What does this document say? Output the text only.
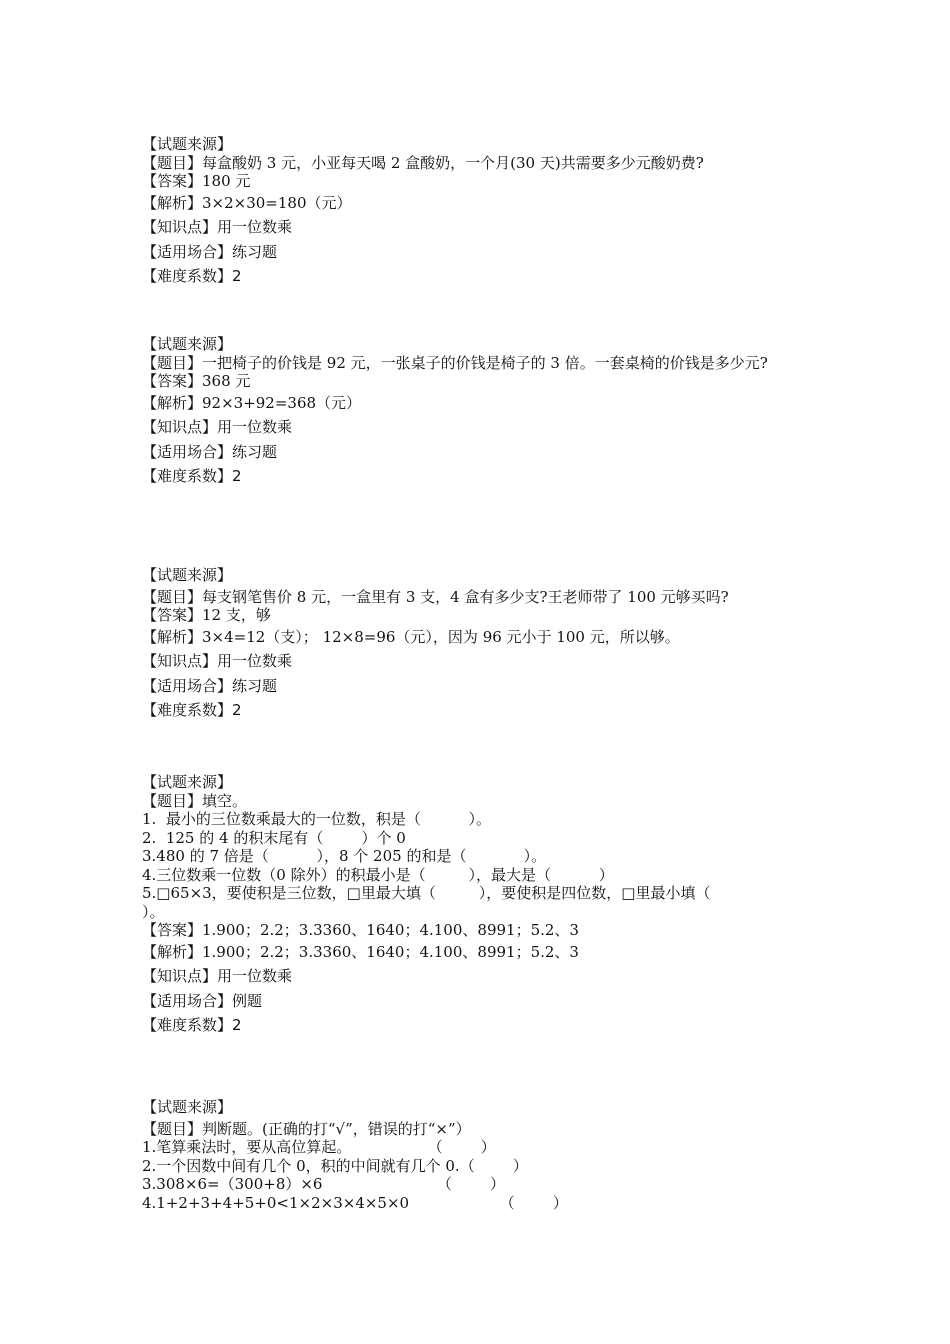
【试题来源】
【题目】每盒酸奶 3 元，小亚每天喝 2 盒酸奶，一个月(30 天)共需要多少元酸奶费?
【答案】180 元
【解析】3×2×30=180（元）
【知识点】用一位数乘
【适用场合】练习题
【难度系数】2
【试题来源】
【题目】一把椅子的价钱是 92 元，一张桌子的价钱是椅子的 3 倍。一套桌椅的价钱是多少元?
【答案】368 元
【解析】92×3+92=368（元）
【知识点】用一位数乘
【适用场合】练习题
【难度系数】2
【试题来源】
【题目】每支钢笔售价 8 元，一盒里有 3 支，4 盒有多少支?王老师带了 100 元够买吗?
【答案】12 支，够
【解析】3×4=12（支）； 12×8=96（元），因为 96 元小于 100 元，所以够。
【知识点】用一位数乘
【适用场合】练习题
【难度系数】2
【试题来源】
【题目】填空。
1.  最小的三位数乘最大的一位数，积是（          ）。
2.  125 的 4 的积末尾有（        ）个 0
3.480 的 7 倍是（          ），8 个 205 的和是（            ）。
4.三位数乘一位数（0 除外）的积最小是（         ），最大是（          ）
5.□65×3，要使积是三位数，□里最大填（         ），要使积是四位数，□里最小填（
）。
【答案】1.900；2.2；3.3360、1640；4.100、8991；5.2、3
【解析】1.900；2.2；3.3360、1640；4.100、8991；5.2、3
【知识点】用一位数乘
【适用场合】例题
【难度系数】2
【试题来源】
【题目】判断题。(正确的打“√”，错误的打“×”）
1.笔算乘法时，要从高位算起。                （        ）
2.一个因数中间有几个 0，积的中间就有几个 0.（        ）
3.308×6=（300+8）×6                        （        ）
4.1+2+3+4+5+0<1×2×3×4×5×0                   （        ）
